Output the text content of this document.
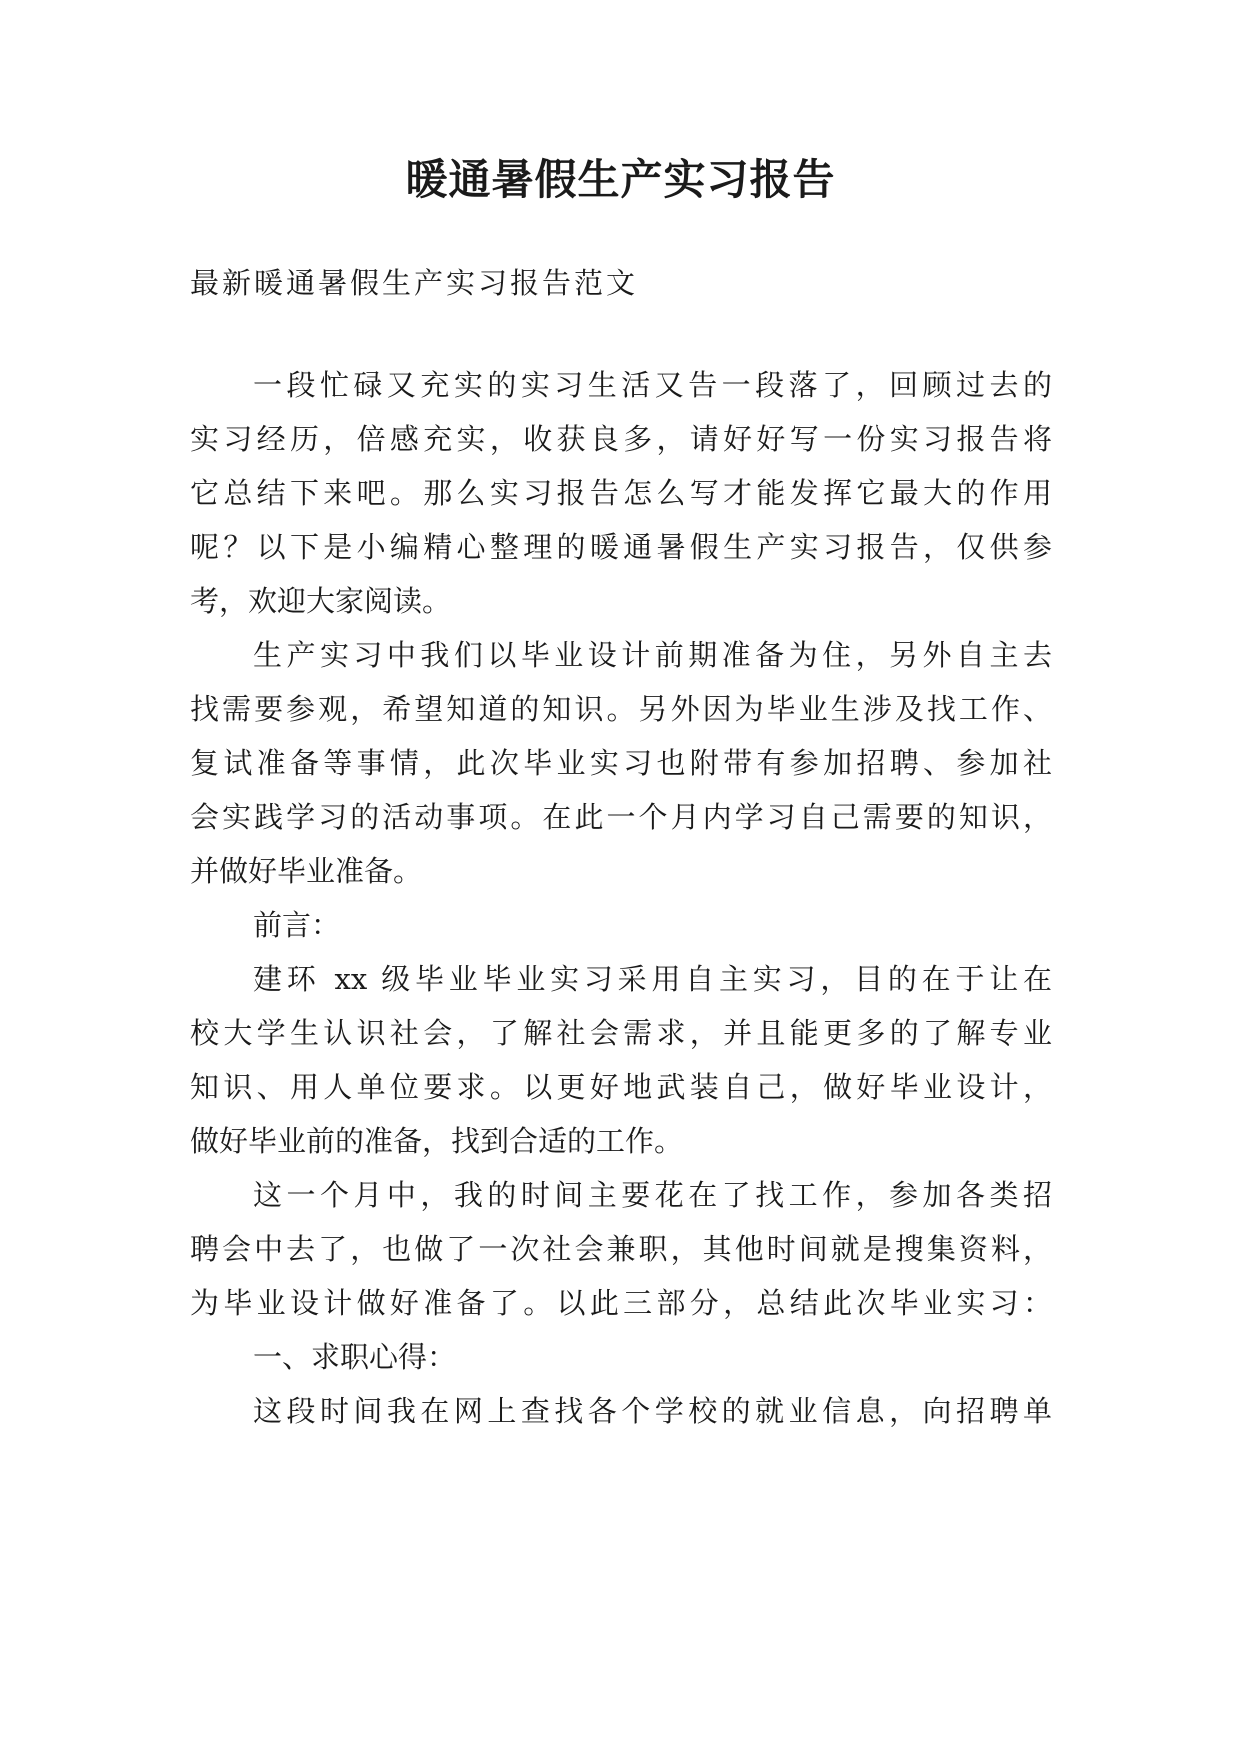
暖通暑假生产实习报告
最新暖通暑假生产实习报告范文
一段忙碌又充实的实习生活又告一段落了，回顾过去的
实习经历，倍感充实，收获良多，请好好写一份实习报告将
它总结下来吧。那么实习报告怎么写才能发挥它最大的作用
呢？以下是小编精心整理的暖通暑假生产实习报告，仅供参
考，欢迎大家阅读。
生产实习中我们以毕业设计前期准备为住，另外自主去
找需要参观，希望知道的知识。另外因为毕业生涉及找工作、
复试准备等事情，此次毕业实习也附带有参加招聘、参加社
会实践学习的活动事项。在此一个月内学习自己需要的知识，
并做好毕业准备。
前言：
建环 xx 级毕业毕业实习采用自主实习，目的在于让在
校大学生认识社会，了解社会需求，并且能更多的了解专业
知识、用人单位要求。以更好地武装自己，做好毕业设计，
做好毕业前的准备，找到合适的工作。
这一个月中，我的时间主要花在了找工作，参加各类招
聘会中去了，也做了一次社会兼职，其他时间就是搜集资料，
为毕业设计做好准备了。以此三部分，总结此次毕业实习：
一、求职心得：
这段时间我在网上查找各个学校的就业信息，向招聘单
